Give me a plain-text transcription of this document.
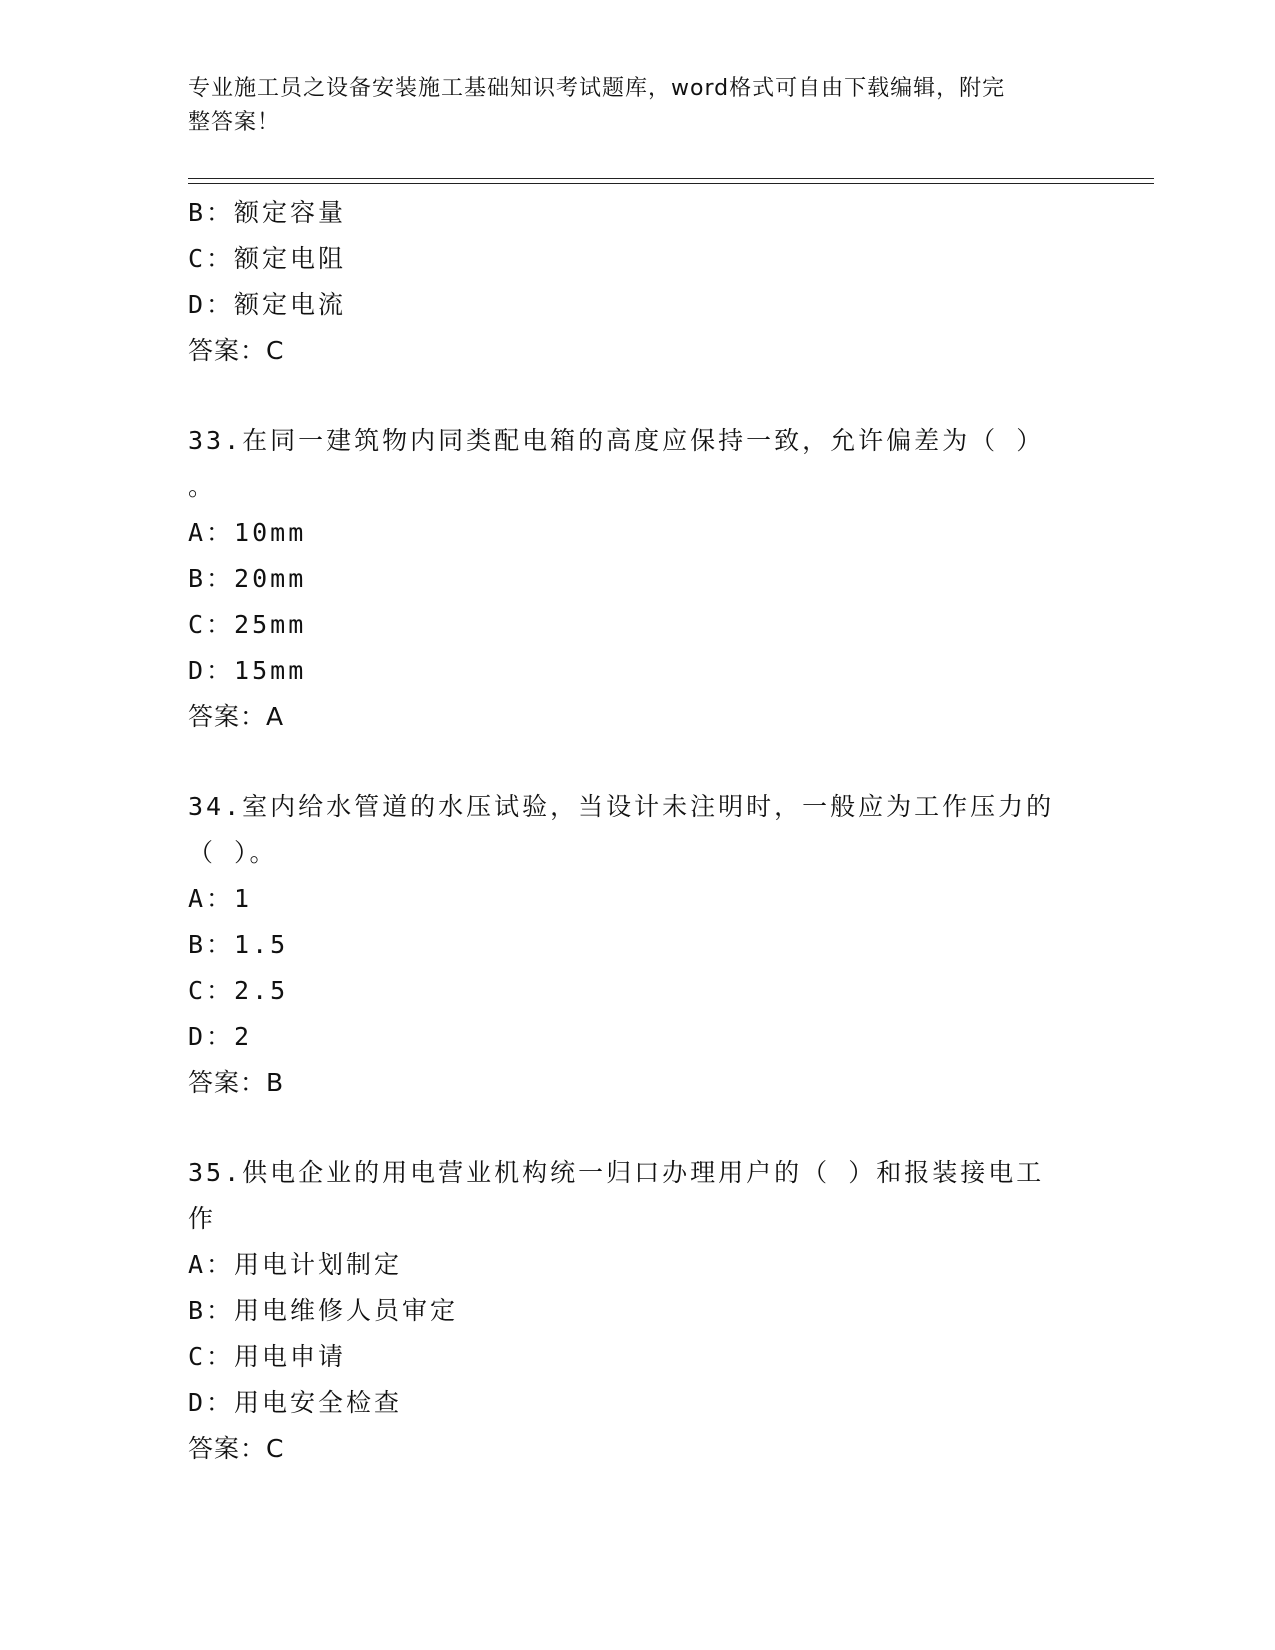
专业施工员之设备安装施工基础知识考试题库，word格式可自由下载编辑，附完
整答案！
B：额定容量
C：额定电阻
D：额定电流
答案：C
33.在同一建筑物内同类配电箱的高度应保持一致，允许偏差为（ ）
。
A：10mm
B：20mm
C：25mm
D：15mm
答案：A
34.室内给水管道的水压试验，当设计未注明时，一般应为工作压力的
（ ）。
A：1
B：1.5
C：2.5
D：2
答案：B
35.供电企业的用电营业机构统一归口办理用户的（ ）和报装接电工
作
A：用电计划制定
B：用电维修人员审定
C：用电申请
D：用电安全检查
答案：C
